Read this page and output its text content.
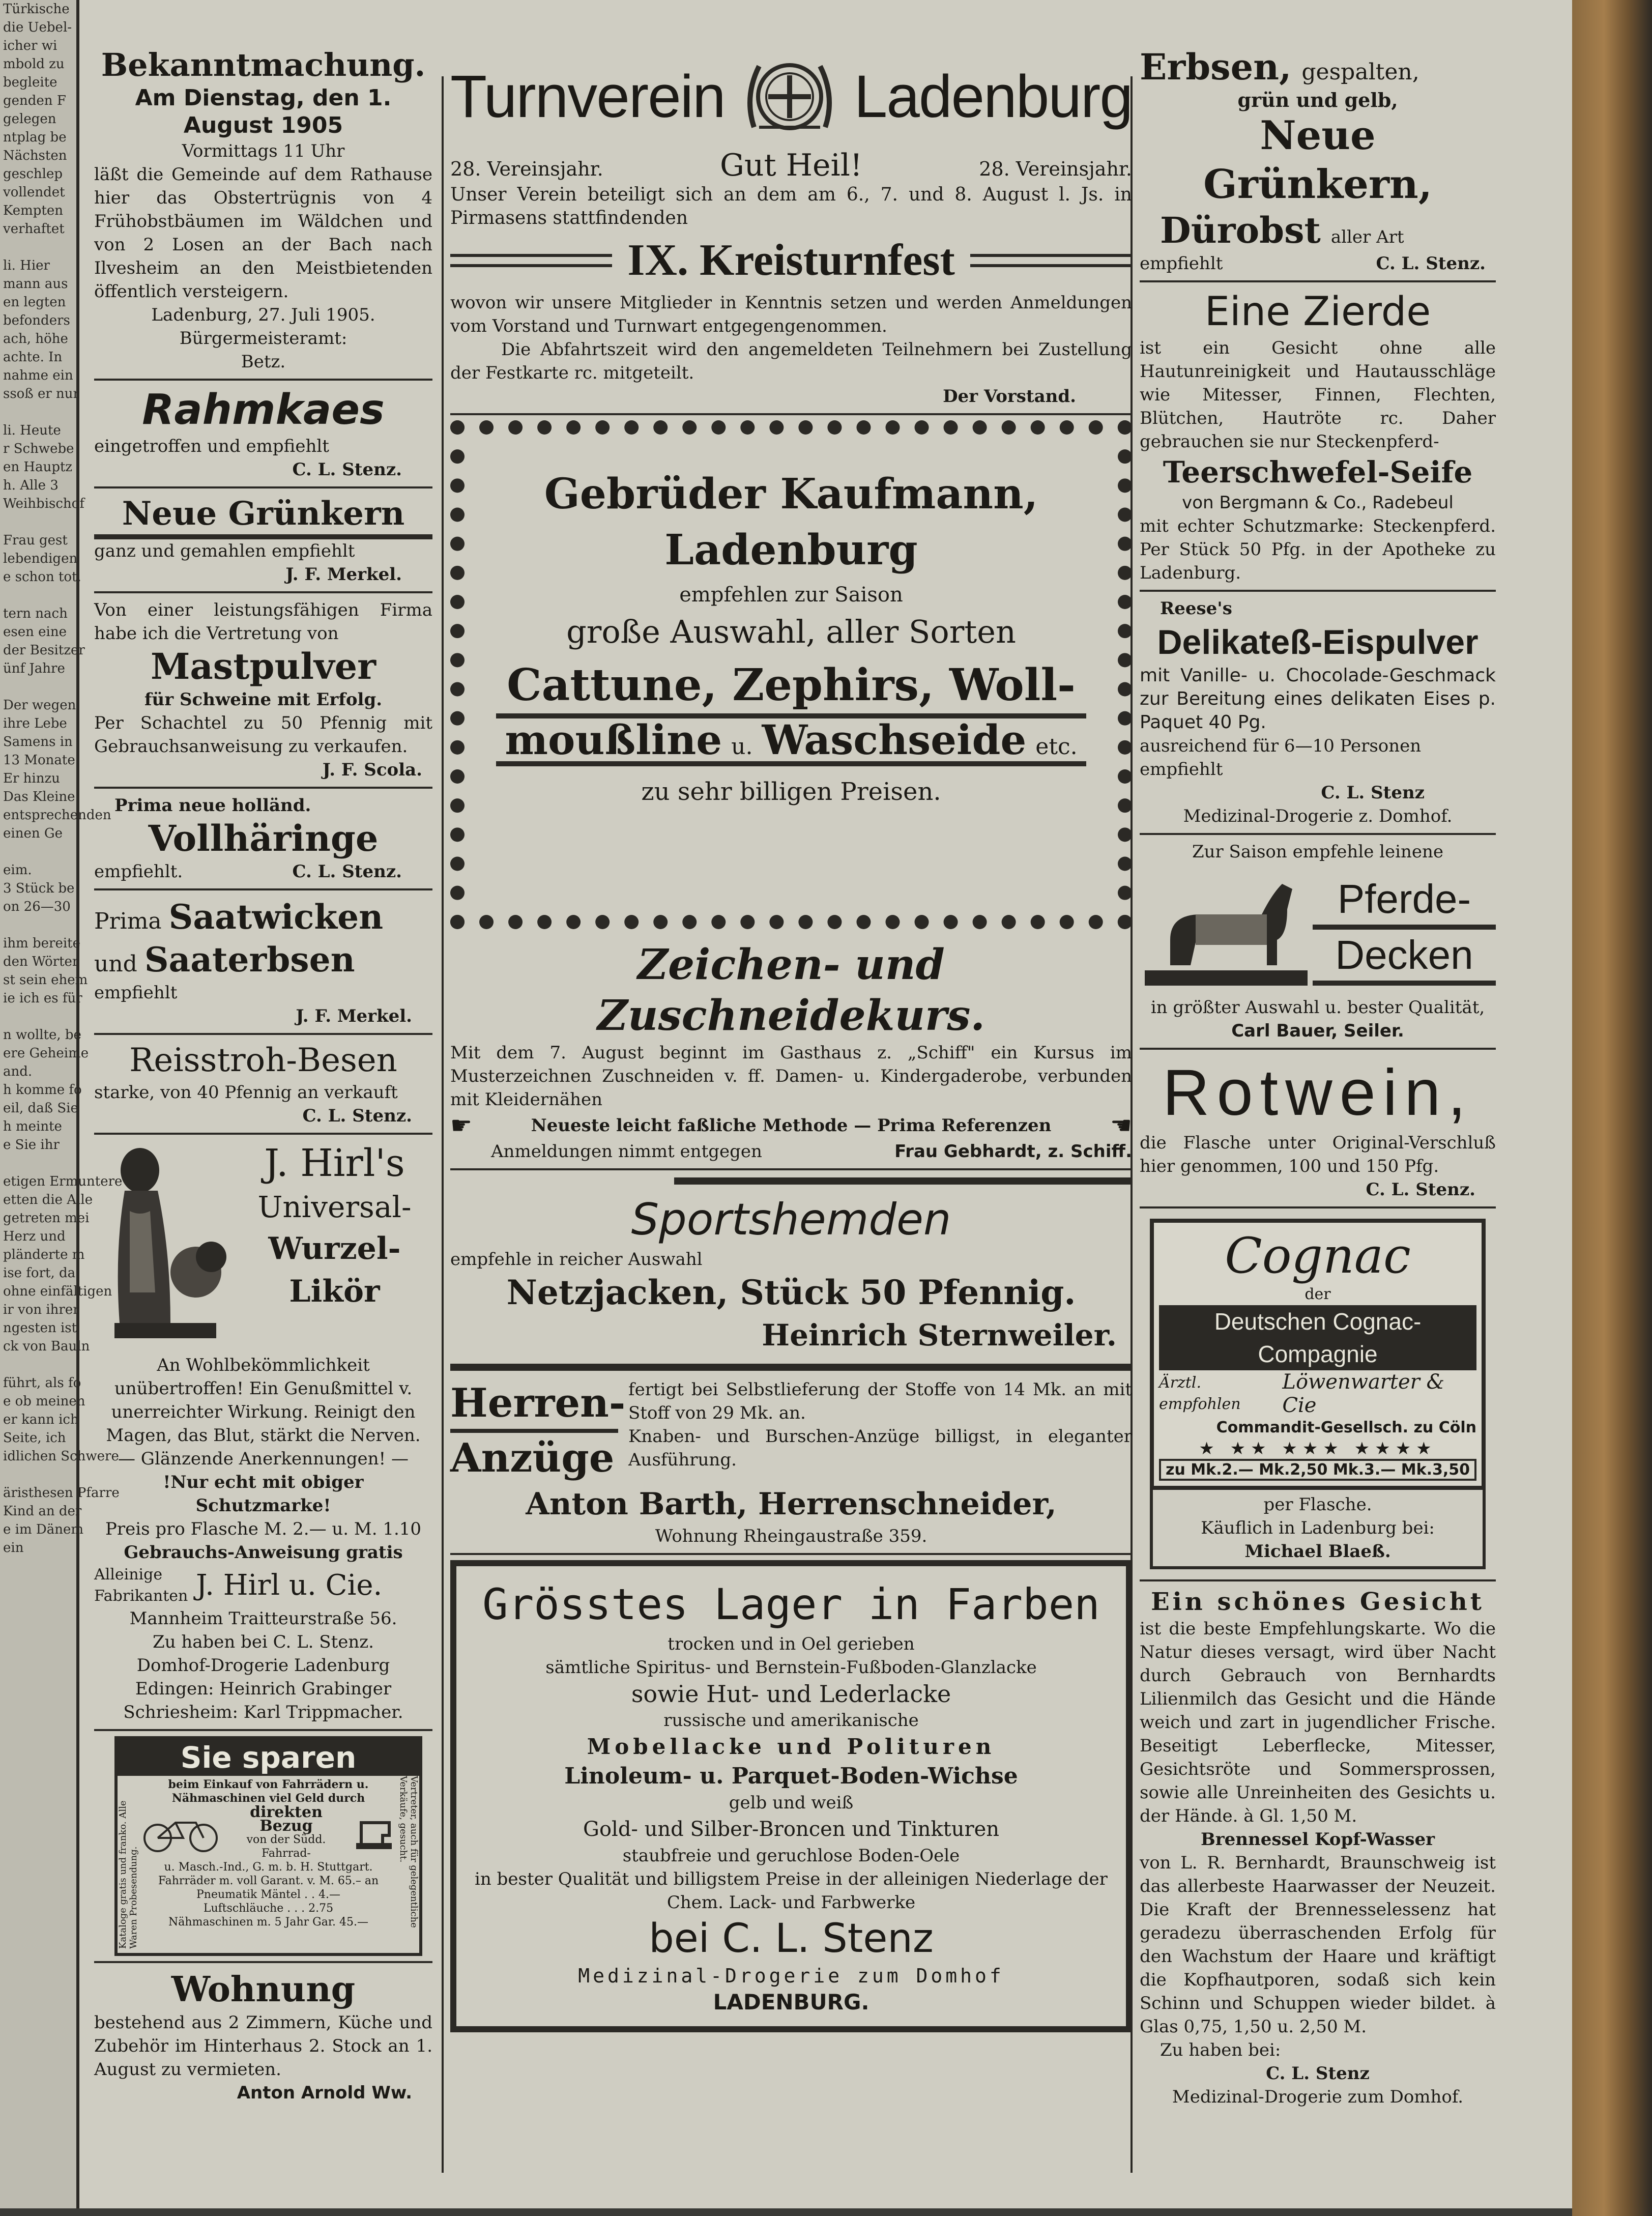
Türkische
die Uebel-
icher wi
mbold zu
begleite
genden F
gelegen
ntplag be
Nächsten
geschlep
vollendet
Kempten
verhaftet

li. Hier
mann aus
en legten
befonders
ach, höhe
achte. In
nahme ein
ssoß er nur

li. Heute
r Schwebe
en Hauptz
h. Alle 3
Weihbischof

Frau gest
lebendigen
e schon tot.

tern nach
esen eine
der Besitzer
ünf Jahre

Der wegen
ihre Lebe
Samens in
13 Monate
Er hinzu
Das Kleine
entsprechenden
einen Ge

eim.
3 Stück be
on 26—30

ihm bereite
den Wörter
st sein ehem
ie ich es für

n wollte, be
ere Geheime
and.
h komme fo
eil, daß Sie
h meinte
e Sie ihr

etigen Ermuntere
etten die Alle
getreten mei
Herz und
pländerte m
ise fort, da
ohne einfältigen
ir von ihrer
ngesten ist
ck von Bauln

führt, als fo
e ob meinen
er kann ich
Seite, ich
idlichen Schwere

äristhesen Pfarre
Kind an der
e im Dänem
ein
Bekanntmachung.
Am Dienstag, den 1. August 1905
Vormittags 11 Uhr
läßt die Gemeinde auf dem Rathause hier das Obstertrügnis von 4 Frühobstbäumen im Wäldchen und von 2 Losen an der Bach nach Ilvesheim an den Meistbietenden öffentlich versteigern.
Ladenburg, 27. Juli 1905.
Bürgermeisteramt:
Betz.
Rahmkaes
eingetroffen und empfiehlt
C. L. Stenz.
Neue Grünkern
ganz und gemahlen empfiehlt
J. F. Merkel.
Von einer leistungsfähigen Firma habe ich die Vertretung von
Mastpulver
für Schweine mit Erfolg.
Per Schachtel zu 50 Pfennig mit Gebrauchsanweisung zu verkaufen.
J. F. Scola.
Prima neue holländ.
Vollhäringe
empfiehlt.	C. L. Stenz.
Prima Saatwicken
und Saaterbsen
empfiehlt
J. F. Merkel.
Reisstroh-Besen
starke, von 40 Pfennig an verkauft
C. L. Stenz.
J. Hirl's
Universal-
Wurzel-
Likör
An Wohlbekömmlichkeit unübertroffen! Ein Genußmittel v. unerreichter Wirkung. Reinigt den Magen, das Blut, stärkt die Nerven.
— Glänzende Anerkennungen! —
!Nur echt mit obiger Schutzmarke!
Preis pro Flasche M. 2.— u. M. 1.10
Gebrauchs-Anweisung gratis
Alleinige Fabrikanten J. Hirl u. Cie.
Mannheim Traitteurstraße 56.
Zu haben bei C. L. Stenz.
Domhof-Drogerie Ladenburg
Edingen: Heinrich Grabinger
Schriesheim: Karl Trippmacher.
Sie sparen
Kataloge gratis und franko. Alle Waren Probesendung.
beim Einkauf von Fahrrädern u. Nähmaschinen viel Geld durch
direkten Bezug
von der Südd. Fahrrad-
u. Masch.-Ind., G. m. b. H. Stuttgart.
Fahrräder m. voll Garant. v. M. 65.– an
Pneumatik Mäntel . . 4.—
Luftschläuche . . . 2.75
Nähmaschinen m. 5 Jahr Gar. 45.—	Vertreter, auch für gelegentliche Verkäufe, gesucht.
Wohnung
bestehend aus 2 Zimmern, Küche und Zubehör im Hinterhaus 2. Stock an 1. August zu vermieten.
Anton Arnold Ww.
Turnverein Ladenburg
28. Vereinsjahr.	Gut Heil!	28. Vereinsjahr.
Unser Verein beteiligt sich an dem am 6., 7. und 8. August l. Js. in Pirmasens stattfindenden
IX. Kreisturnfest
wovon wir unsere Mitglieder in Kenntnis setzen und werden Anmeldungen vom Vorstand und Turnwart entgegengenommen.
Die Abfahrtszeit wird den angemeldeten Teilnehmern bei Zustellung der Festkarte rc. mitgeteilt.
Der Vorstand.
Gebrüder Kaufmann, Ladenburg
empfehlen zur Saison
große Auswahl, aller Sorten
Cattune, Zephirs, Woll-
moußline u. Waschseide etc.
zu sehr billigen Preisen.
Zeichen- und Zuschneidekurs.
Mit dem 7. August beginnt im Gasthaus z. „Schiff" ein Kursus im Musterzeichnen Zuschneiden v. ff. Damen- u. Kindergaderobe, verbunden mit Kleidernähen
☛	Neueste leicht faßliche Methode — Prima Referenzen ☚
Anmeldungen nimmt entgegen	Frau Gebhardt, z. Schiff.
Sportshemden
empfehle in reicher Auswahl
Netzjacken, Stück 50 Pfennig.
Heinrich Sternweiler.
Herren-
Anzüge
fertigt bei Selbstlieferung der Stoffe von 14 Mk. an mit Stoff von 29 Mk. an.
Knaben- und Burschen-Anzüge billigst, in eleganter Ausführung.
Anton Barth, Herrenschneider,
Wohnung Rheingaustraße 359.
Grösstes Lager in Farben
trocken und in Oel gerieben
sämtliche Spiritus- und Bernstein-Fußboden-Glanzlacke
sowie Hut- und Lederlacke
russische und amerikanische
Mobellacke und Polituren
Linoleum- u. Parquet-Boden-Wichse
gelb und weiß
Gold- und Silber-Broncen und Tinkturen
staubfreie und geruchlose Boden-Oele
in bester Qualität und billigstem Preise in der alleinigen Niederlage der Chem. Lack- und Farbwerke
bei C. L. Stenz
Medizinal-Drogerie zum Domhof
LADENBURG.
Erbsen, gespalten,
grün und gelb,
Neue Grünkern,
Dürobst aller Art
empfiehlt	C. L. Stenz.
Eine Zierde
ist ein Gesicht ohne alle Hautunreinigkeit und Hautausschläge wie Mitesser, Finnen, Flechten, Blütchen, Hautröte rc. Daher gebrauchen sie nur Steckenpferd-
Teerschwefel-Seife
von Bergmann & Co., Radebeul
mit echter Schutzmarke: Steckenpferd. Per Stück 50 Pfg. in der Apotheke zu Ladenburg.
Reese's
Delikateß-Eispulver
mit Vanille- u. Chocolade-Geschmack zur Bereitung eines delikaten Eises p. Paquet 40 Pg.
ausreichend für 6—10 Personen empfiehlt
C. L. Stenz
Medizinal-Drogerie z. Domhof.
Zur Saison empfehle leinene
Pferde-
Decken
in größter Auswahl u. bester Qualität,
Carl Bauer, Seiler.
Rotwein,
die Flasche unter Original-Verschluß hier genommen, 100 und 150 Pfg.
C. L. Stenz.
Cognac
der
Deutschen Cognac-Compagnie
Ärztl. empfohlen
Löwenwarter & Cie
Commandit-Gesellsch. zu Cöln
★ ★★ ★★★ ★★★★
zu Mk.2.— Mk.2,50 Mk.3.— Mk.3,50
per Flasche.
Käuflich in Ladenburg bei:
Michael Blaeß.
Ein schönes Gesicht
ist die beste Empfehlungskarte. Wo die Natur dieses versagt, wird über Nacht durch Gebrauch von Bernhardts Lilienmilch das Gesicht und die Hände weich und zart in jugendlicher Frische. Beseitigt Leberflecke, Mitesser, Gesichtsröte und Sommersprossen, sowie alle Unreinheiten des Gesichts u. der Hände. à Gl. 1,50 M.
Brennessel Kopf-Wasser
von L. R. Bernhardt, Braunschweig ist das allerbeste Haarwasser der Neuzeit. Die Kraft der Brennesselessenz hat geradezu überraschenden Erfolg für den Wachstum der Haare und kräftigt die Kopfhautporen, sodaß sich kein Schinn und Schuppen wieder bildet. à Glas 0,75, 1,50 u. 2,50 M.
Zu haben bei:
C. L. Stenz
Medizinal-Drogerie zum Domhof.
